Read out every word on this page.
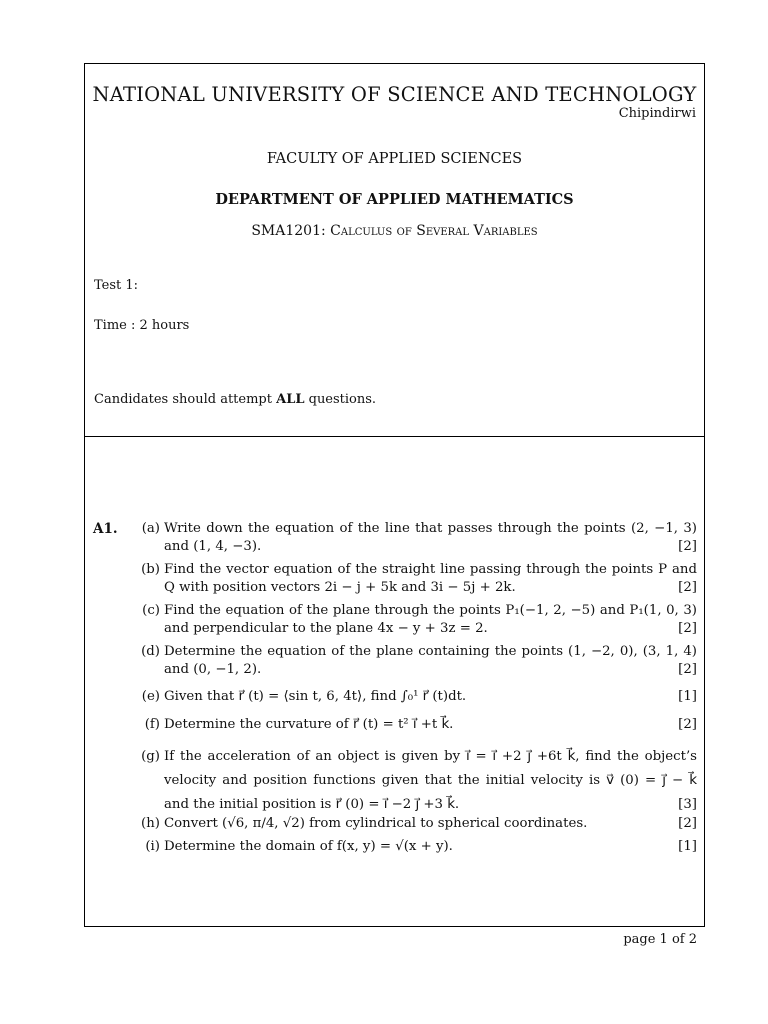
NATIONAL UNIVERSITY OF SCIENCE AND TECHNOLOGY
Chipindirwi
FACULTY OF APPLIED SCIENCES
DEPARTMENT OF APPLIED MATHEMATICS
SMA1201: Calculus of Several Variables
Test 1:
Time : 2 hours
Candidates should attempt ALL questions.
A1.	(a) Write down the equation of the line that passes through the points (2, −1, 3) and (1, 4, −3).	[2]
(b) Find the vector equation of the straight line passing through the points P and Q with position vectors 2i − j + 5k and 3i − 5j + 2k.	[2]
(c) Find the equation of the plane through the points P₁(−1, 2, −5) and P₁(1, 0, 3) and perpendicular to the plane 4x − y + 3z = 2.	[2]
(d) Determine the equation of the plane containing the points (1, −2, 0), (3, 1, 4) and (0, −1, 2).	[2]
(e) Given that r⃗ (t) = ⟨sin t, 6, 4t⟩, find ∫₀¹ r⃗ (t)dt.	[1]
(f) Determine the curvature of r⃗ (t) = t² i⃗ +t k⃗.	[2]
(g) If the acceleration of an object is given by i⃗ = i⃗ +2 j⃗ +6t k⃗, find the object’s velocity and position functions given that the initial velocity is v⃗ (0) = j⃗ − k⃗ and the initial position is r⃗ (0) = i⃗ −2 j⃗ +3 k⃗.	[3]
(h) Convert (√6, π/4, √2) from cylindrical to spherical coordinates.	[2]
(i) Determine the domain of f(x, y) = √(x + y).	[1]
page 1 of 2
